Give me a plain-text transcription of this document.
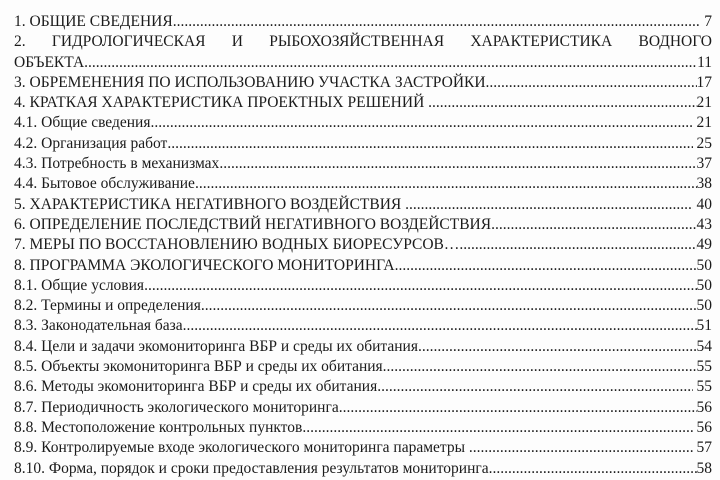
1. ОБЩИЕ СВЕДЕНИЯ .....	7
2. ГИДРОЛОГИЧЕСКАЯ И РЫБОХОЗЯЙСТВЕННАЯ ХАРАКТЕРИСТИКА ВОДНОГО
ОБЪЕКТА .....	11
3. ОБРЕМЕНЕНИЯ ПО ИСПОЛЬЗОВАНИЮ УЧАСТКА ЗАСТРОЙКИ .....	17
4. КРАТКАЯ ХАРАКТЕРИСТИКА ПРОЕКТНЫХ РЕШЕНИЙ .....	21
4.1. Общие сведения .....	21
4.2. Организация работ .....	25
4.3. Потребность в механизмах .....	37
4.4. Бытовое обслуживание .....	38
5. ХАРАКТЕРИСТИКА НЕГАТИВНОГО ВОЗДЕЙСТВИЯ .....	40
6. ОПРЕДЕЛЕНИЕ ПОСЛЕДСТВИЙ НЕГАТИВНОГО ВОЗДЕЙСТВИЯ .....	43
7. МЕРЫ ПО ВОССТАНОВЛЕНИЮ ВОДНЫХ БИОРЕСУРСОВ… .....	49
8. ПРОГРАММА ЭКОЛОГИЧЕСКОГО МОНИТОРИНГА .....	50
8.1. Общие условия .....	50
8.2. Термины и определения .....	50
8.3. Законодательная база .....	51
8.4. Цели и задачи экомониторинга ВБР и среды их обитания .....	54
8.5. Объекты экомониторинга ВБР и среды их обитания .....	55
8.6. Методы экомониторинга ВБР и среды их обитания .....	55
8.7. Периодичность экологического мониторинга .....	56
8.8. Местоположение контрольных пунктов .....	56
8.9. Контролируемые входе экологического мониторинга параметры .....	57
8.10. Форма, порядок и сроки предоставления результатов мониторинга .....	58
